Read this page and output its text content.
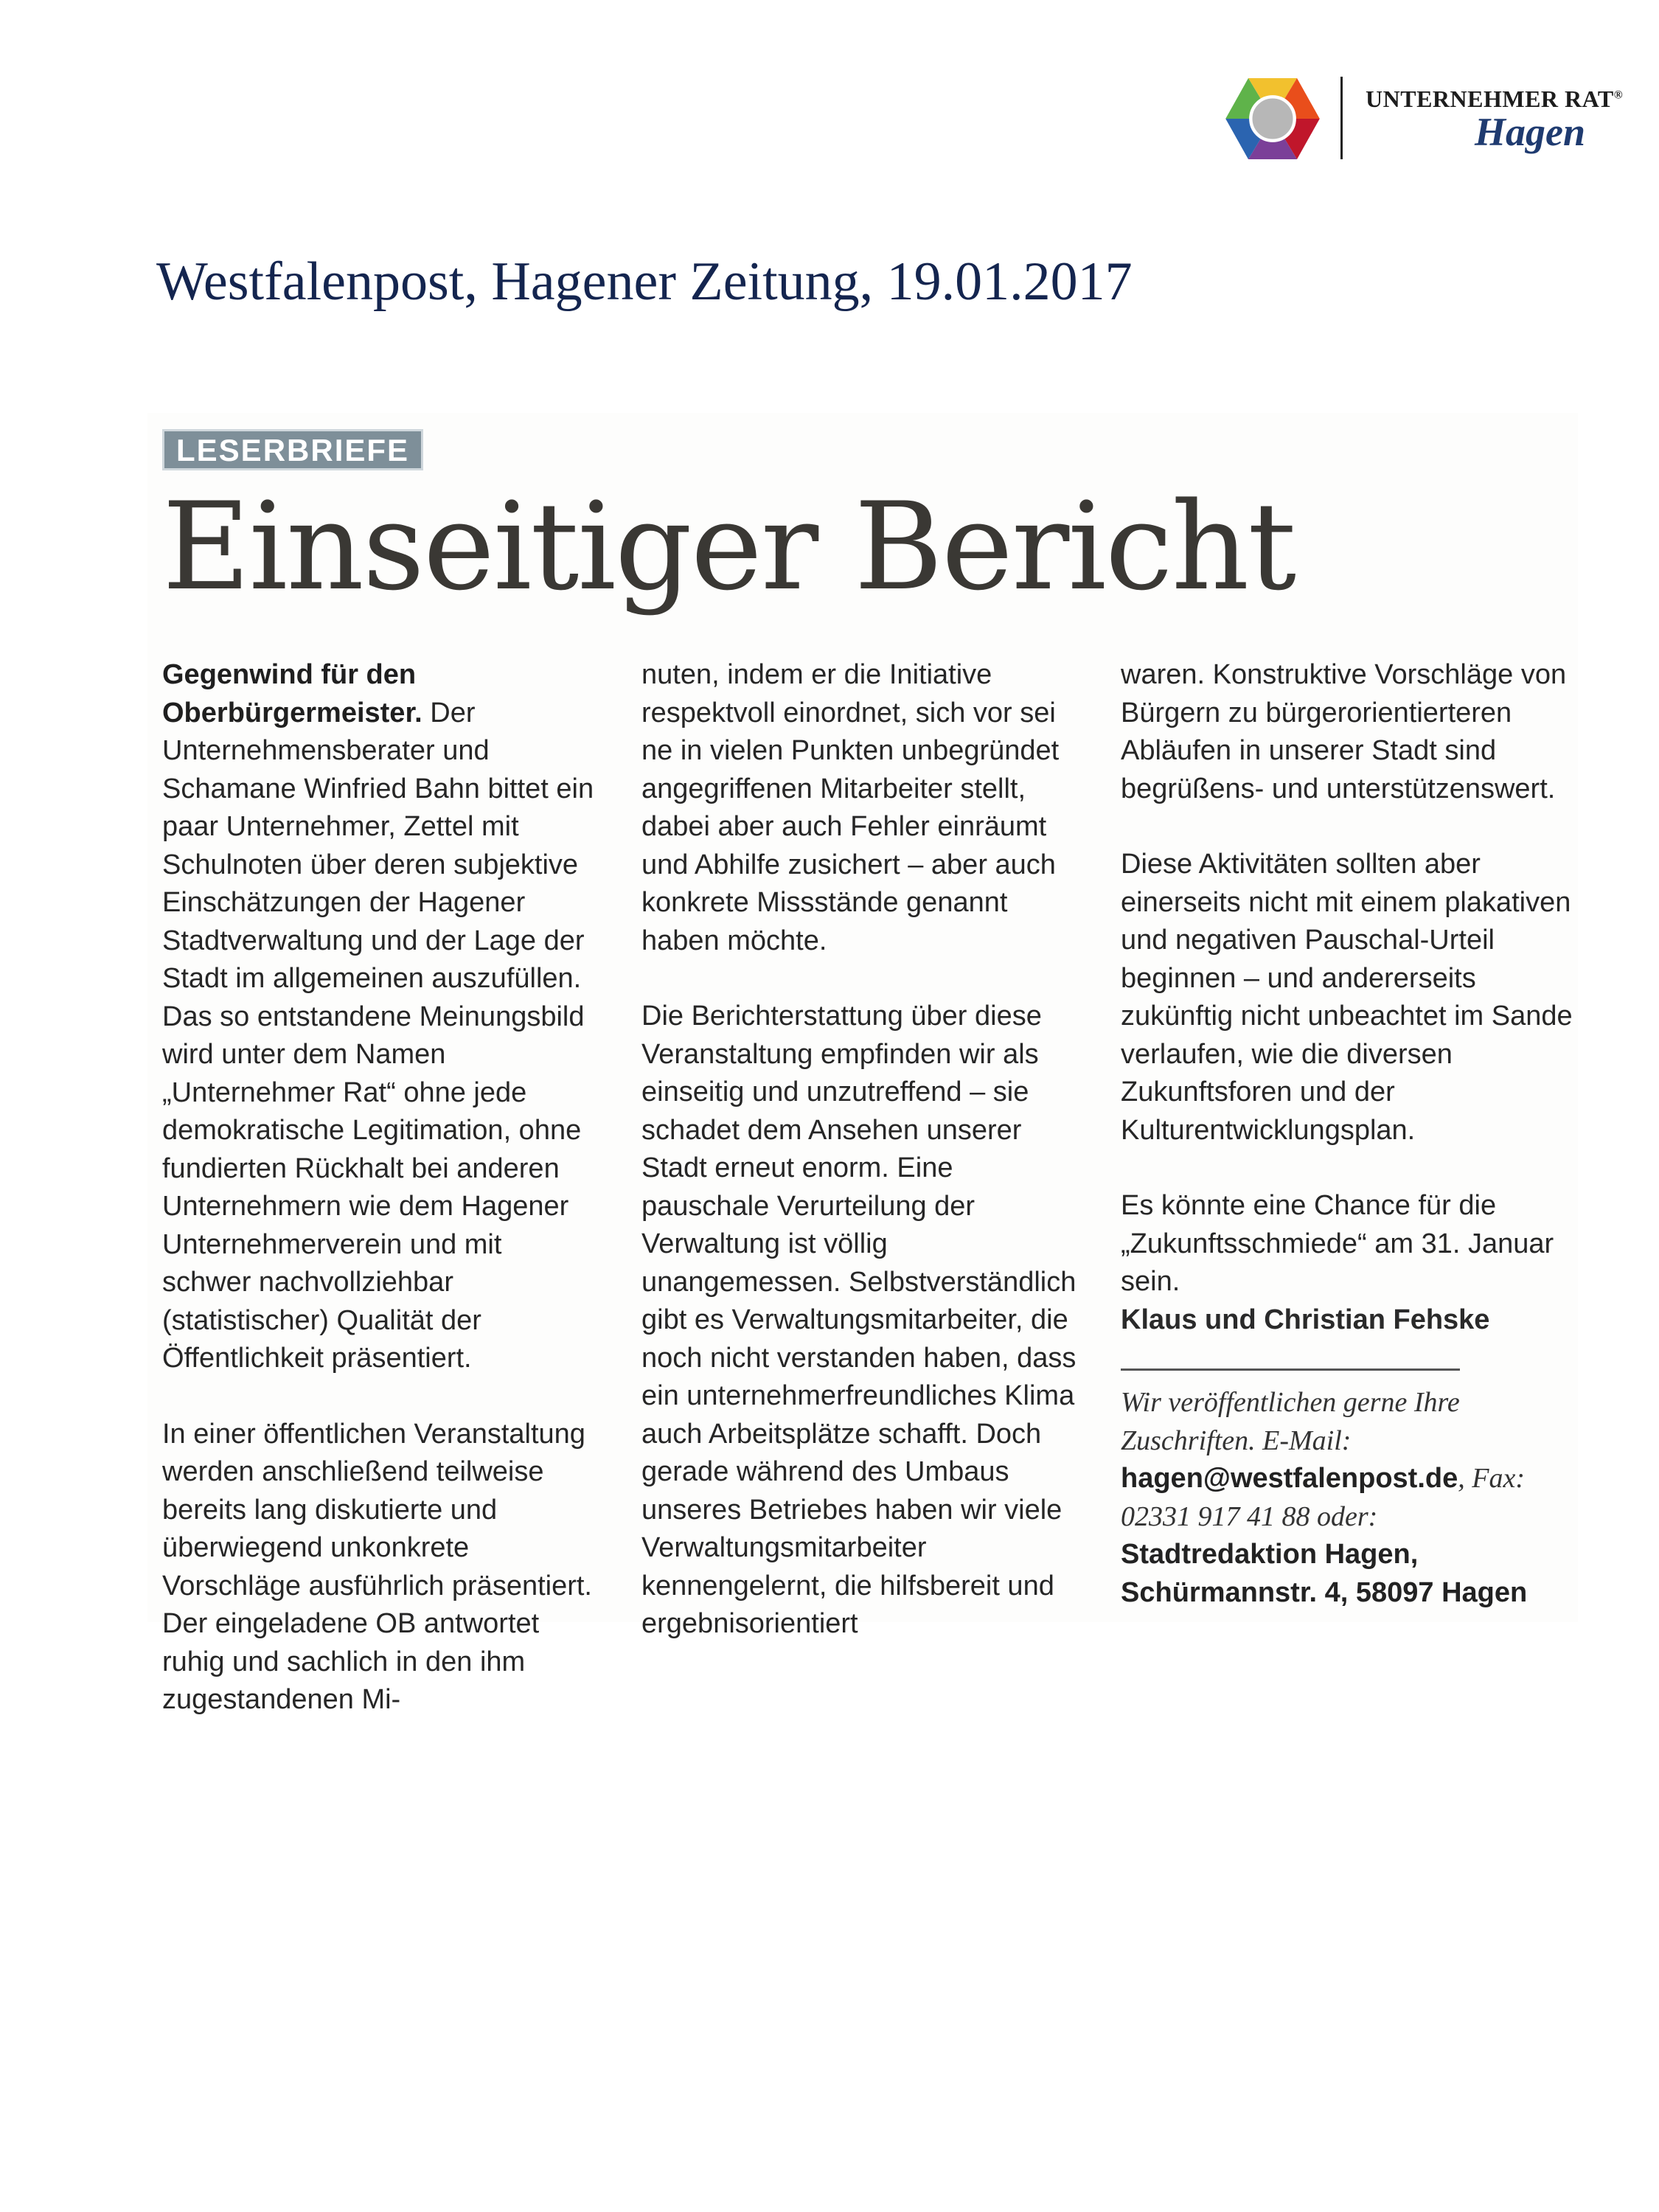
UNTERNEHMER RAT®
Hagen
Westfalenpost, Hagener Zeitung, 19.01.2017
LESERBRIEFE
Einseitiger Bericht

Gegenwind für den Oberbürgermeister. Der Unternehmensberater und Schamane Winfried Bahn bittet ein paar Unternehmer, Zettel mit Schulnoten über deren subjektive Einschätzungen der Hagener Stadtverwaltung und der Lage der Stadt im allgemeinen auszufüllen. Das so entstandene Meinungsbild wird unter dem Namen „Unternehmer Rat“ ohne jede demokratische Legitimation, ohne fundierten Rückhalt bei anderen Unternehmern wie dem Hagener Unternehmerverein und mit schwer nachvollziehbar (statistischer) Qualität der Öffentlichkeit präsentiert.

In einer öffentlichen Veranstaltung werden anschließend teilweise bereits lang diskutierte und überwiegend unkonkrete Vorschläge ausführlich präsentiert. Der eingeladene OB antwortet ruhig und sachlich in den ihm zugestandenen Mi-

nuten, indem er die Initiative respektvoll einordnet, sich vor sei ne in vielen Punkten unbegründet angegriffenen Mitarbeiter stellt, dabei aber auch Fehler einräumt und Abhilfe zusichert – aber auch konkrete Missstände genannt haben möchte.

Die Berichterstattung über diese Veranstaltung empfinden wir als einseitig und unzutreffend – sie schadet dem Ansehen unserer Stadt erneut enorm. Eine pauschale Verurteilung der Verwaltung ist völlig unangemessen. Selbstverständlich gibt es Verwaltungsmitarbeiter, die noch nicht verstanden haben, dass ein unternehmerfreundliches Klima auch Arbeitsplätze schafft. Doch gerade während des Umbaus unseres Betriebes haben wir viele Verwaltungsmitarbeiter kennengelernt, die hilfsbereit und ergebnisorientiert

waren. Konstruktive Vorschläge von Bürgern zu bürgerorientierteren Abläufen in unserer Stadt sind begrüßens- und unterstützenswert.

Diese Aktivitäten sollten aber einerseits nicht mit einem plakativen und negativen Pauschal-Urteil beginnen – und andererseits zukünftig nicht unbeachtet im Sande verlaufen, wie die diversen Zukunftsforen und der Kulturentwicklungsplan.

Es könnte eine Chance für die „Zukunftsschmiede“ am 31. Januar sein.

Klaus und Christian Fehske

Wir veröffentlichen gerne Ihre Zuschriften. E-Mail: hagen@westfalenpost.de, Fax: 02331 917 41 88 oder: Stadtredaktion Hagen, Schürmannstr. 4, 58097 Hagen
